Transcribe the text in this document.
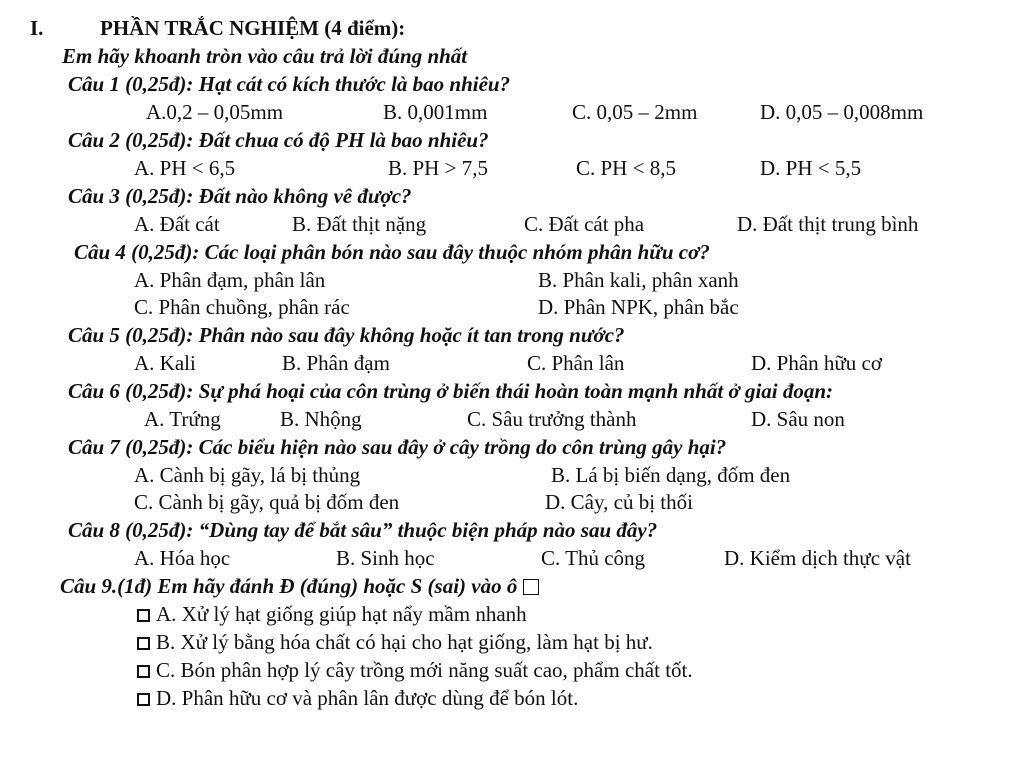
I.	PHẦN TRẮC NGHIỆM (4 điểm):
Em hãy khoanh tròn vào câu trả lời đúng nhất
Câu 1 (0,25đ): Hạt cát có kích thước là bao nhiêu?
A.0,2 – 0,05mm	B. 0,001mm	C. 0,05 – 2mm	D. 0,05 – 0,008mm
Câu 2 (0,25đ): Đất chua có độ PH là bao nhiêu?
A. PH < 6,5	B. PH > 7,5	C. PH < 8,5	D. PH < 5,5
Câu 3 (0,25đ): Đất nào không vê được?
A. Đất cát	B. Đất thịt nặng	C. Đất cát pha	D. Đất thịt trung bình
Câu 4 (0,25đ): Các loại phân bón nào sau đây thuộc nhóm phân hữu cơ?
A. Phân đạm, phân lân	B. Phân kali, phân xanh
C. Phân chuồng, phân rác	D. Phân NPK, phân bắc
Câu 5 (0,25đ): Phân nào sau đây không hoặc ít tan trong nước?
A. Kali	B. Phân đạm	C. Phân lân	D. Phân hữu cơ
Câu 6 (0,25đ): Sự phá hoại của côn trùng ở biến thái hoàn toàn mạnh nhất ở giai đoạn:
A. Trứng	B. Nhộng	C. Sâu trưởng thành	D. Sâu non
Câu 7 (0,25đ): Các biểu hiện nào sau đây ở cây trồng do côn trùng gây hại?
A. Cành bị gãy, lá bị thủng	B. Lá bị biến dạng, đốm đen
C. Cành bị gãy, quả bị đốm đen	D. Cây, củ bị thối
Câu 8 (0,25đ): “Dùng tay để bắt sâu” thuộc biện pháp nào sau đây?
A. Hóa học	B. Sinh học	C. Thủ công	D. Kiểm dịch thực vật
Câu 9.(1đ) Em hãy đánh Đ (đúng) hoặc S (sai) vào ô
A. Xử lý hạt giống giúp hạt nẩy mầm nhanh
B. Xử lý bằng hóa chất có hại cho hạt giống, làm hạt bị hư.
C. Bón phân hợp lý cây trồng mới năng suất cao, phẩm chất tốt.
D. Phân hữu cơ và phân lân được dùng để bón lót.
